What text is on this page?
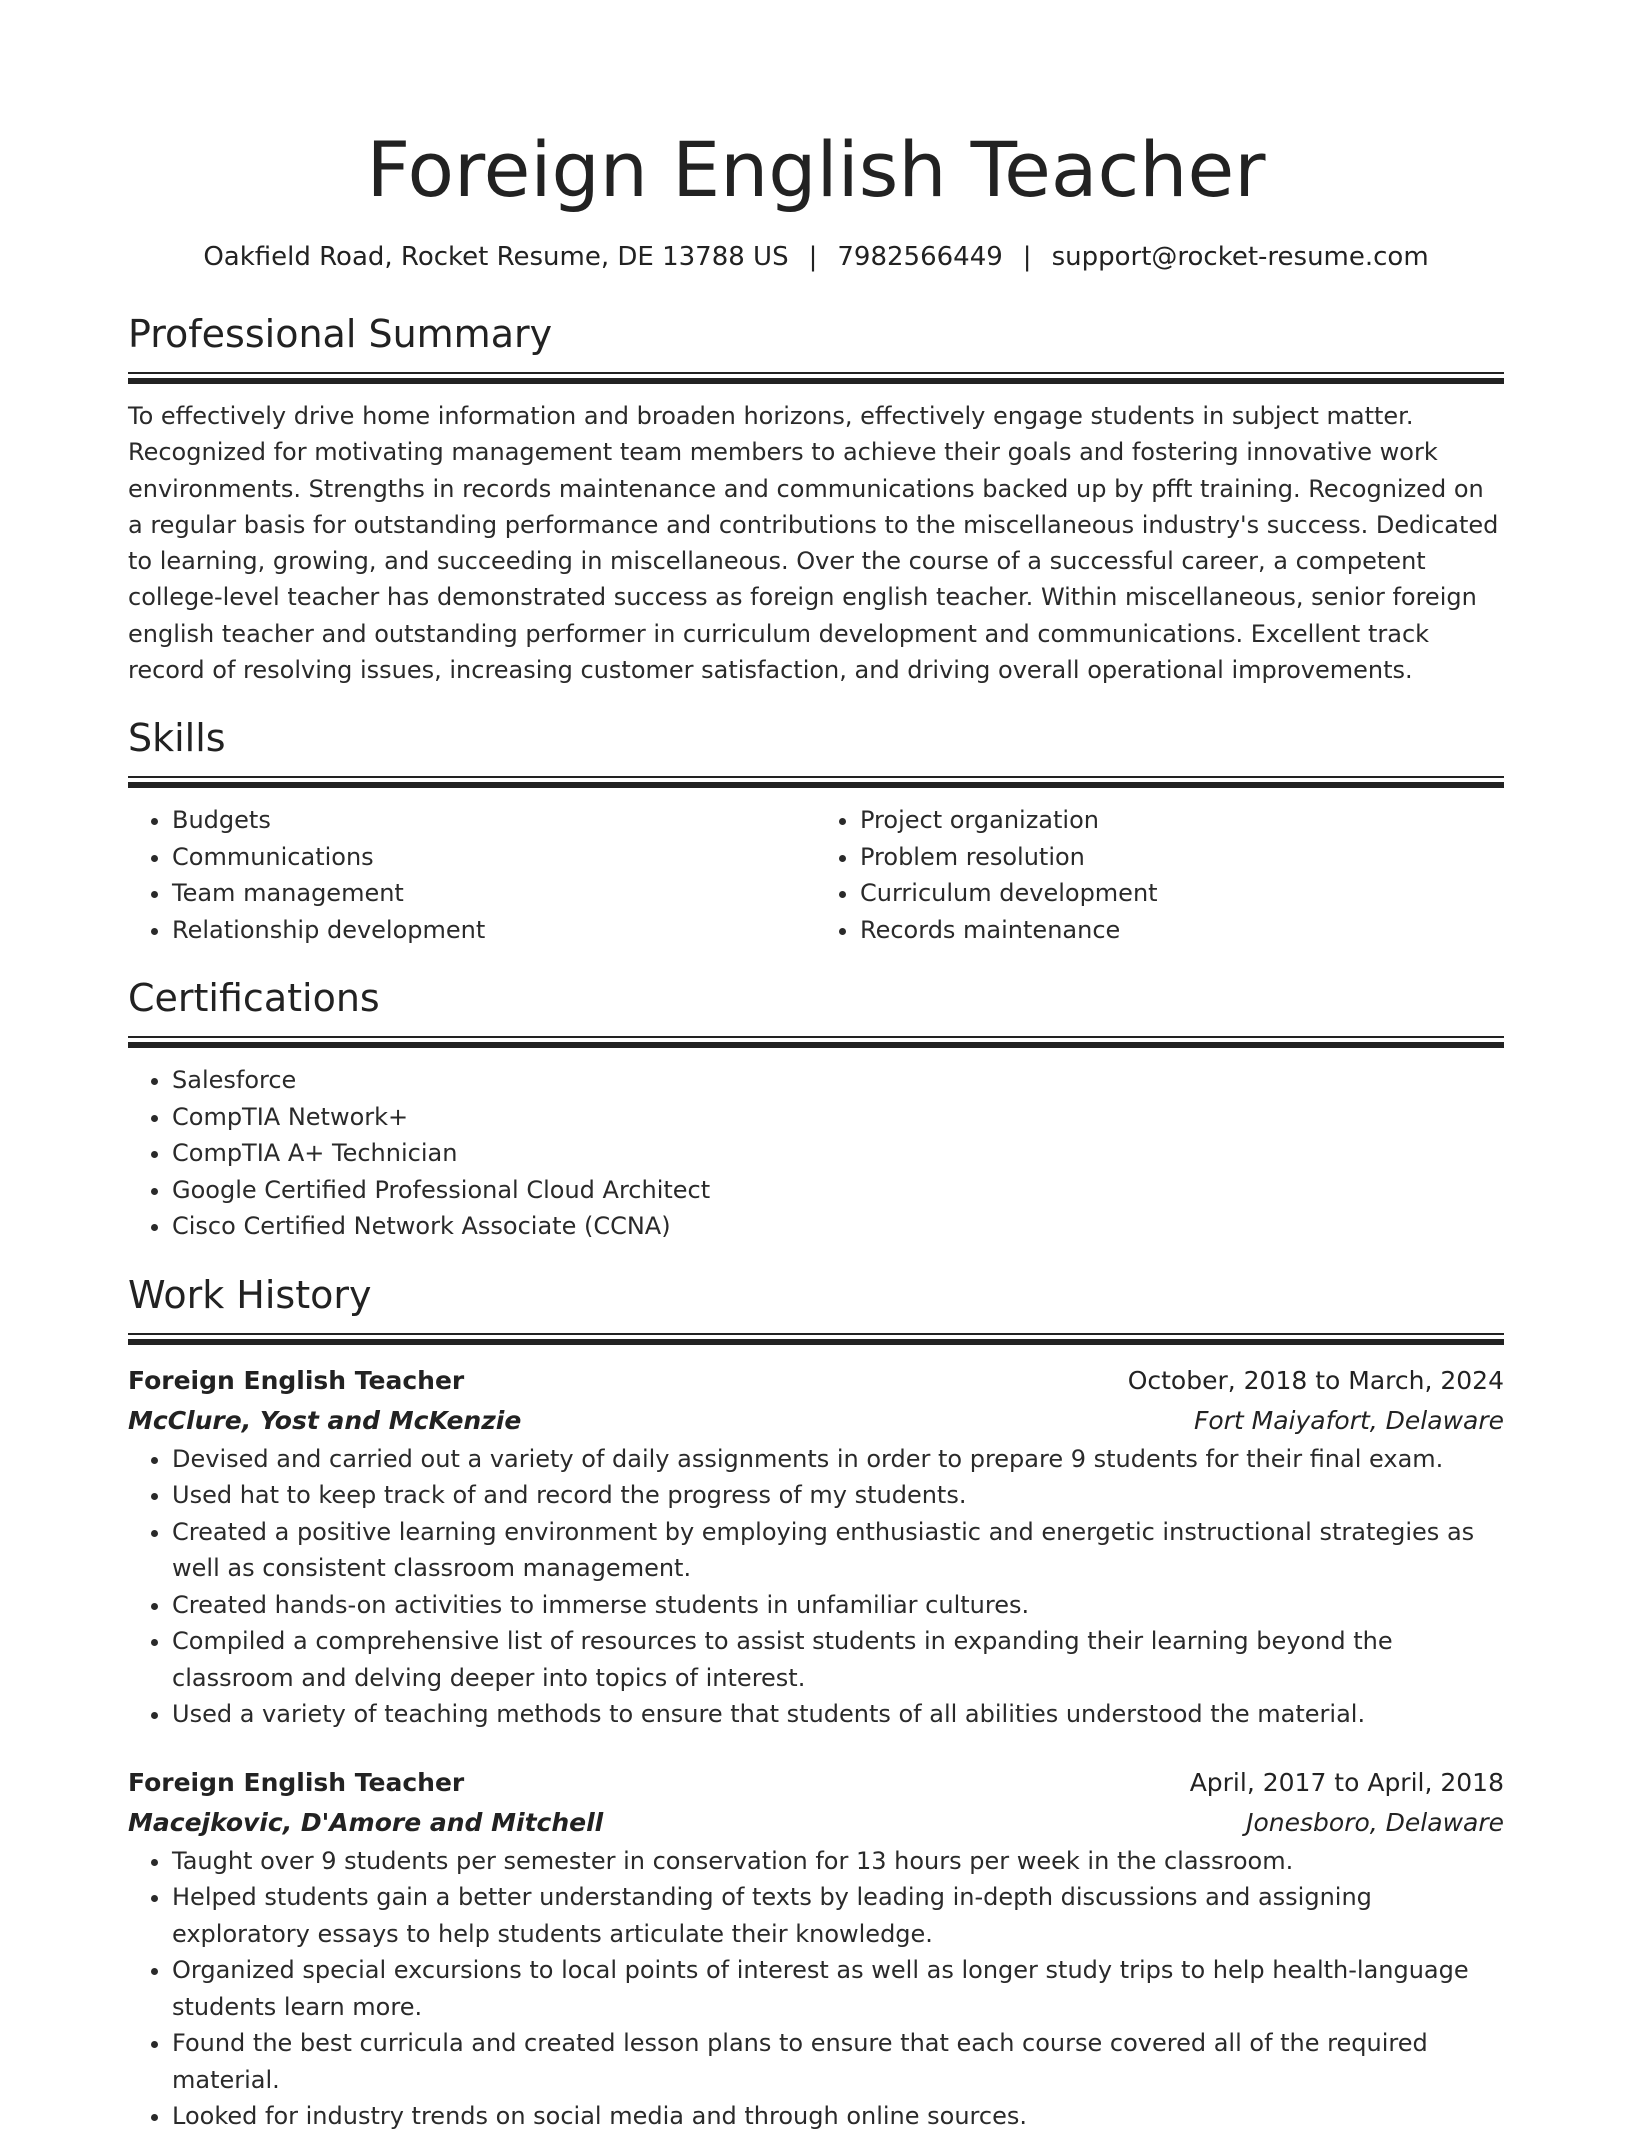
Foreign English Teacher
Oakfield Road, Rocket Resume, DE 13788 US | 7982566449 | support@rocket-resume.com
Professional Summary

To effectively drive home information and broaden horizons, effectively engage students in subject matter. Recognized for motivating management team members to achieve their goals and fostering innovative work environments. Strengths in records maintenance and communications backed up by pfft training. Recognized on a regular basis for outstanding performance and contributions to the miscellaneous industry's success. Dedicated to learning, growing, and succeeding in miscellaneous. Over the course of a successful career, a competent college-level teacher has demonstrated success as foreign english teacher. Within miscellaneous, senior foreign english teacher and outstanding performer in curriculum development and communications. Excellent track record of resolving issues, increasing customer satisfaction, and driving overall operational improvements.

Skills
• Budgets
• Communications
• Team management
• Relationship development
• Project organization
• Problem resolution
• Curriculum development
• Records maintenance
Certifications
• Salesforce
• CompTIA Network+
• CompTIA A+ Technician
• Google Certified Professional Cloud Architect
• Cisco Certified Network Associate (CCNA)
Work History
Foreign English Teacher	October, 2018 to March, 2024
McClure, Yost and McKenzie	Fort Maiyafort, Delaware
• Devised and carried out a variety of daily assignments in order to prepare 9 students for their final exam.
• Used hat to keep track of and record the progress of my students.
• Created a positive learning environment by employing enthusiastic and energetic instructional strategies as well as consistent classroom management.
• Created hands-on activities to immerse students in unfamiliar cultures.
• Compiled a comprehensive list of resources to assist students in expanding their learning beyond the classroom and delving deeper into topics of interest.
• Used a variety of teaching methods to ensure that students of all abilities understood the material.
Foreign English Teacher	April, 2017 to April, 2018
Macejkovic, D'Amore and Mitchell	Jonesboro, Delaware
• Taught over 9 students per semester in conservation for 13 hours per week in the classroom.
• Helped students gain a better understanding of texts by leading in-depth discussions and assigning exploratory essays to help students articulate their knowledge.
• Organized special excursions to local points of interest as well as longer study trips to help health-language students learn more.
• Found the best curricula and created lesson plans to ensure that each course covered all of the required material.
• Looked for industry trends on social media and through online sources.
